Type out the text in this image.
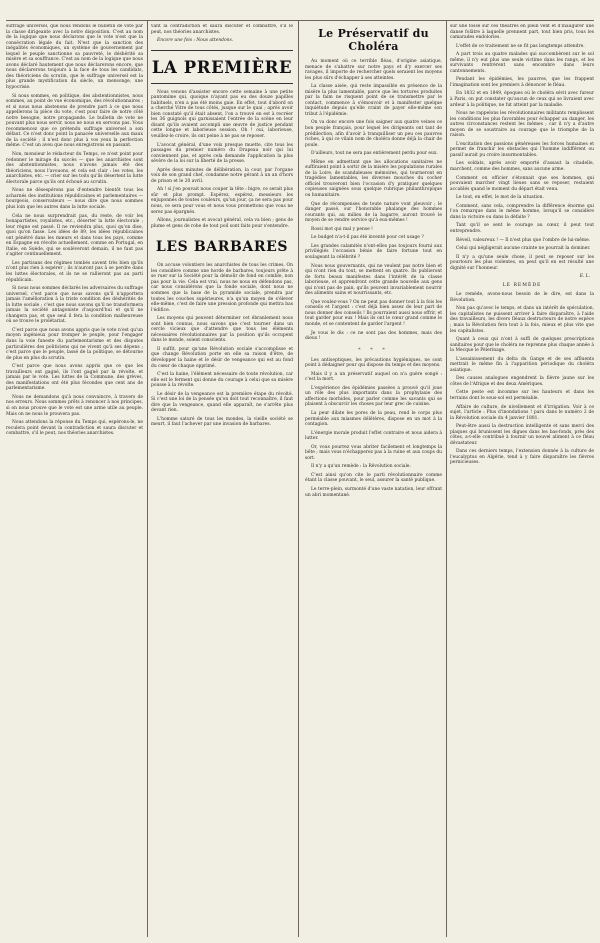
suffrage universel, que nous rendons le bulletin de vote par la classe dirigeante avec la notre disposition. C'est au nom de la logique que nous déclarons que le vote n'est que la consécration légale du fait. N'est que la sanction des inégalités économiques, un système de gouvernement par lequel le peuple sanctionne sa pauvreté, le déshérité sa misère et sa souffrance. C'est au nom de la logique que nous avons déclaré hautement que nous déclarerons encore, que nous déclarerons toujours à la face de tous les candidats, des théoriciens du scrutin, que le suffrage universel est la plus grande mystification du siècle, un mensonge, une hypocrisie.

Si nous sommes, en politique, des abstentionnistes, nous sommes, au point de vue économique, des révolutionnaires ; et si nous nous abstenons de prendre part à ce que nous appellerons la pièce du vote, c'est pour faire de notre côté notre besogne, notre propagande. Le bulletin de vote ne pouvant plus nous servir, nous ne nous en servons pas. Vous recommencez que ce prétendu suffrage universel a son défaut. Ce n'est donc point la panacée universelle aux maux de la société ; il n'est donc plus à vos yeux la perfection même. C'est un aveu que nous enregistrons en passant.

Non, monsieur le rédacteur du Temps, ce n'est point pour redonner le mirage du succès — que les anarchistes sont des abstentionnistes, nous n'avons jamais été des théoriciens, nous l'avouons, et cela est clair : les votes, les anarchistes, etc. — crier sur les toits qu'ils désertent la lutte électorale parce qu'ils ont échoué au scrutin.

Nous ne désespérons pas d'entendre bientôt tous les acharnés des institutions républicaines et parlementaires — bourgeois, conservateurs — nous dire que nous sommes plus loin que les autres dans la lutte sociale.

Cela ne nous surprendrait pas, du reste, de voir les bonapartistes, royalistes, etc., déserter la lutte électorale ; leur règne est passé. Il ne reviendra plus, quoi qu'on dise, quoi qu'on fasse. Les idées de 89, les idées républicaines ont pénétré dans les mœurs et dans tous les pays, comme en Espagne en révolte actuellement, comme en Portugal, en Italie, en Suède, qui se soulèveront demain, il ne faut pas s'agiter continuellement.

Les partisans des régimes tombés savent très bien qu'ils n'ont plus rien à espérer ; ils n'auront pas à se perdre dans les luttes électorales, et ils ne se rallieront pas au parti républicain.

Si nous nous sommes déclarés les adversaires du suffrage universel, c'est parce que nous savons qu'il n'apportera jamais l'amélioration à la triste condition des déshérités de la lutte sociale ; c'est que nous savons qu'il ne transformera jamais la société antagoniste d'aujourd'hui et qu'il ne changera pas, et que seul il fera la condition malheureuse où se trouve le prolétariat.

C'est parce que nous avons appris que le vote n'est qu'un moyen ingénieux pour tromper le peuple, pour l'engager dans la voie funeste du parlementarisme et des disputes particulières des politiciens qui ne vivent qu'à ses dépens ; c'est parce que le peuple, lassé de la politique, se détourne de plus en plus du scrutin.

C'est parce que nous avons appris que ce que les travailleurs ont gagné, ils l'ont gagné par la révolte, et jamais par le vote. Les luttes de la Commune, des grèves, des manifestations ont été plus fécondes que cent ans de parlementarisme.

Nous ne demandons qu'à nous convaincre, à travers de nos erreurs. Nous sommes prêts à renoncer à nos principes, si on nous prouve que le vote est une arme utile au peuple. Mais on ne nous le prouvera pas.

Nous attendons la réponse du Temps qui, espérons-le, ne reculera point devant la contradiction et saura discuter et combattre, s'il le peut, nos théories anarchistes.

vant la contradiction et saura discuter et combattre, s'il le peut, nos théories anarchistes.

Encore une fois : Nous attendons.

LA PREMIÈRE

Nous venons d'assister encore cette semaine à une petite pantomime qui, quoique n'ayant pas eu des douze papilles habituels, n'en a pas été moins gaie. En effet, tout d'abord on a cherché Vitre de tous côtés, jusque sur le quai ; après avoir bien constaté qu'il était absent, l'on a trouvé en est à recréer les 36 guignols qui garnissaient l'entrée de la scène en leur disant qu'ils avaient accompli une œuvre de justice pendant cette longue et laborieuse session. Oh ! oui, laborieuse, veuillez-le croire, ils ont peine à ne pas se reposer.

L'avocat général, d'une voix presque muette, cite tous les passages du premier numéro du Drapeau noir qui lui conviennent pas, et après cela demande l'application la plus sévère de la loi sur la liberté de la presse.

Après deux minutes de délibération, la cour, par l'organe voix de son grand chef, condamne notre gérant à un an d'hors de prison et le 20 avril.

Ah ! si j'en pouvait nous couper la tête : bigre, ce serait plus sûr et plus prompt. Espérez, espérez, messieurs les enjuponnés de toutes couleurs, qu'un jour, ça ne sera pas pour nous, ce sera pour vous et nous vous promettons que vous ne serez pas épargnés.

Allons, journalistes et avocat général, cela va bien ; gens de plume et gens de robe de tout poil sont faits pour s'entendre.

LES BARBARES

On accuse volontiers les anarchistes de tous les crimes. On les considère comme une horde de barbares, toujours prête à se ruer sur la Société pour la démolir de fond en comble, non pas pour la vie. Cela est vrai, nous ne nous en défendons pas, car nous considérons que la fonde sociale, dont nous ne sommes que la base de la pyramide sociale, prendra par toutes les couches supérieures, n'a qu'un moyen de s'élever elle-même, c'est de faire une pression profonde qui mettra bas l'édifice.

Les moyens qui peuvent déterminer cet ébranlement nous sont bien connus, nous savons que c'est tourner dans un cercle vicieux que d'attendre que tous les éléments nécessaires révolutionnaires par la position qu'ils occupent dans le monde, soient conscients.

Il suffit, pour qu'une Révolution sociale s'accomplisse et que change Révolution porte en elle sa raison d'être, de développer la haine et le désir de vengeance qui est au fond du cœur de chaque opprimé.

C'est la haine, l'élément nécessaire de toute révolution, car elle est le ferment qui donne du courage à celui que sa misère pousse à la révolte.

Le désir de la vengeance est la première étape du révolté. Si c'est une loi de la pensée qu'on doit tout reconnaître, il faut dire que la vengeance, quand elle apparaît, ne s'arrête plus devant rien.

L'homme saturé de tous les mondes, la vieille société se meurt, il faut l'achever par une invasion de barbares.

Le Préservatif du Choléra

Au moment où ce terrible fléau, d'origine asiatique, menace de s'abattre sur notre pays et d'y exercer ses ravages, il importe de rechercher quels seraient les moyens les plus sûrs d'échapper à ses atteintes.

La classe aisée, qui reste impassible en présence de la misère la plus lamentable, parce que les tortures produites par la faim ne risquent point de se transmettre par le contact, commence à s'émouvoir et à manifester quelque inquiétude depuis qu'elle craint de payer elle-même son tribut à l'épidémie.

On va donc encore une fois saigner aux quatre veines ce bon peuple français, pour lequel les dirigeants ont tant de prédilection, afin d'avoir à tranquilliser un peu ces pauvres riches, à qui ce vilain nom de choléra donne déjà la chair de poule.

D'ailleurs, tout ne sera pas entièrement perdu pour eux.

Même en admettant que les allocations sanitaires ne suffiraient point à sortir de la misère les populations rurales de la Loire, de scandaleuses mémoires, qui tourneront en tragédies lamentables, les diverses mouches du cocher officiel trouveront bien l'occasion d'y pratiquer quelques copieuses saignées sous quelque rubrique philanthropique ou humanitaire.

Que de récompenses de toute nature vont pleuvoir ; le danger passé, sur l'honorable phalange des hommes courants qui, au milieu de la bagarre, auront trouvé le moyen de se rendre service qu'à eux-mêmes !

Rossi mot qui mal y pense !

Le budget n'a-t-il pas été inventé pour cet usage ?

Les grandes calamités n'ont-elles pas toujours fourni aux privilégiés l'occasion bénie de faire fortune tout en soulageant la célébrité ?

Nous nous gouvernants, qui ne veulent pas notre bien et qui n'ont rien du tout, se mettent en quatre. Ils publieront de forts beaux manifestes dans l'intérêt de la classe laborieuse, et apprendront cette grande nouvelle aux gens qui n'ont pas de pain, qu'ils peuvent invariablement nourrir des aliments sains et nourrissants, etc.

Que voulez-vous ? On ne peut pas donner tout à la fois les conseils et l'argent : c'est déjà bien assez de leur part de nous donner des conseils ! Ils pourraient aussi nous offrir, et tout garder pour eux ! Mais ils ont le cœur grand comme le monde, et se contentent de garder l'argent !

Je vous le dis : ce ne sont pas des hommes, mais des dieux !

* * *

Les antiseptiques, les précautions hygiéniques, ne sont point à dédaigner pour qui dispose du temps et des moyens.

Mais il y a un préservatif auquel on n'a guère songé : c'est la mort.

L'expérience des épidémies passées a prouvé qu'il joue un rôle des plus importants dans la prophylaxie des affections morbides, pour parler comme les savants qui se plaisent à obscurcir les choses par leur grec de cuisine.

La peur dilate les pores de la peau, rend le corps plus perméable aux miasmes délétères, dispose en un mot à la contagion.

L'énergie morale produit l'effet contraire et nous aidera à lutter.

Or, vous pourrez vous abriter facilement et longtemps la bête ; mais vous n'échapperez pas à la ruine et aux coups du sort.

Il n'y a qu'un remède : la Révolution sociale.

C'est ainsi qu'on cite le parti révolutionnaire comme étant la classe pouvant, le seul, assurer la santé publique.

Le terre-plein, surmonté d'une vaste natation, leur offrant un abri momentané.

sur une fosse sur ces théâtres en plein vent et d'inaugurer une danse folâtre à laquelle prennent part, tout bien pris, tous les camarades endolories.

L'effet de ce traitement ne se fit pas longtemps attendre.

A part trois au quatre malades qui succombèrent sur le sol même, il n'y eut plus une seule victime dans les rangs, et les survivants rentrèrent sans encombre dans leurs cantonnements.

Pendant les épidémies, les pauvres, que les frappent l'imagination sont les premiers à dénoncer le fléau.

En 1832 et en 1849, époques où le choléra sévit avec fureur à Paris, on put constater qu'aucun de ceux qui se livraient avec ardeur à la politique, ne fut atteint par la maladie.

Nous ne rappelons les révolutionnaires militants remplissent les conditions les plus favorables pour échapper au danger, les autres circonstances restent les mêmes ; car il n'y a d'autre moyen de se soustraire au courage que le triomphe de la raison.

L'excitation des passions généreuses les forces humaines et permet de franchir les obstacles qui l'homme indifférent ou passif aurait pu croire insurmontables.

Les soldats, après avoir emporté d'assaut la citadelle, marchent, comme des hommes, sans aucune arme.

Comment on officier s'étonnait que ses hommes, qui pouvaient marcher vingt lieues sans se reposer, restaient accablés quand le moment du départ était venu.

Le tout, en effet, le mot de la situation.

Comment, sans cela, comprendre la différence énorme qui l'on remarque dans le même homme, lorsqu'il se considère dans la victoire ou dans la défaite ?

Tant qu'il se sent le courage au cœur, il peut tout entreprendre.

Réveil, valeureux ! — Il n'est plus que l'ombre de lui-même.

Celui qui négligerait aucune crainte ne pourrait la dominer.

Il n'y a qu'une seule chose, il peut se reposer sur les pourtours les plus violentes, on peut qu'il en est résulté une dignité sur l'honneur.

E. L.
LE REMÈDE

Le remède, avons-nous besoin de le dire, est dans la Révolution.

Non pas qu'avec le temps, et dans un intérêt de spéculation, les capitalistes ne puissent arriver à faire disparaître, à l'aide des travailleurs, les divers fléaux destructeurs de notre espèce ; mais la Révolution fera tout à la fois, mieux et plus vite que les capitalistes.

Quant à ceux qui n'ont à suffi de quelques prescriptions sanitaires pour que le choléra ne reprenne plus chaque année à la Mecque le Pèlerinage.

L'assainissement du delta du Gange et de ses affluents mettrait le même fin à l'apparition périodique du choléra asiatique.

Des causes analogues engendrent la fièvre jaune sur les côtes de l'Afrique et des deux Amériques.

Cette peste est incomme sur les hauteurs et dans les terrains dont le sous-sol est perméable.

Affaire de culture, de nivellement et d'irrigation. Voir à ce sujet, l'article : Plus d'inondations ! paru dans le numéro 2 de la Révolution sociale du 4 janvier 1881.

Peut-être aussi la destruction intelligente et sans merci des plaques qui brunissent les digues dans les bas-fonds, près des côtes, a-t-elle contribué à fournir un nouvel aliment à ce fléau dévastateur.

Dans ces derniers temps, l'extension donnée à la culture de l'eucalyptus en Algérie, tend à y faire disparaître les fièvres pernicieuses.
